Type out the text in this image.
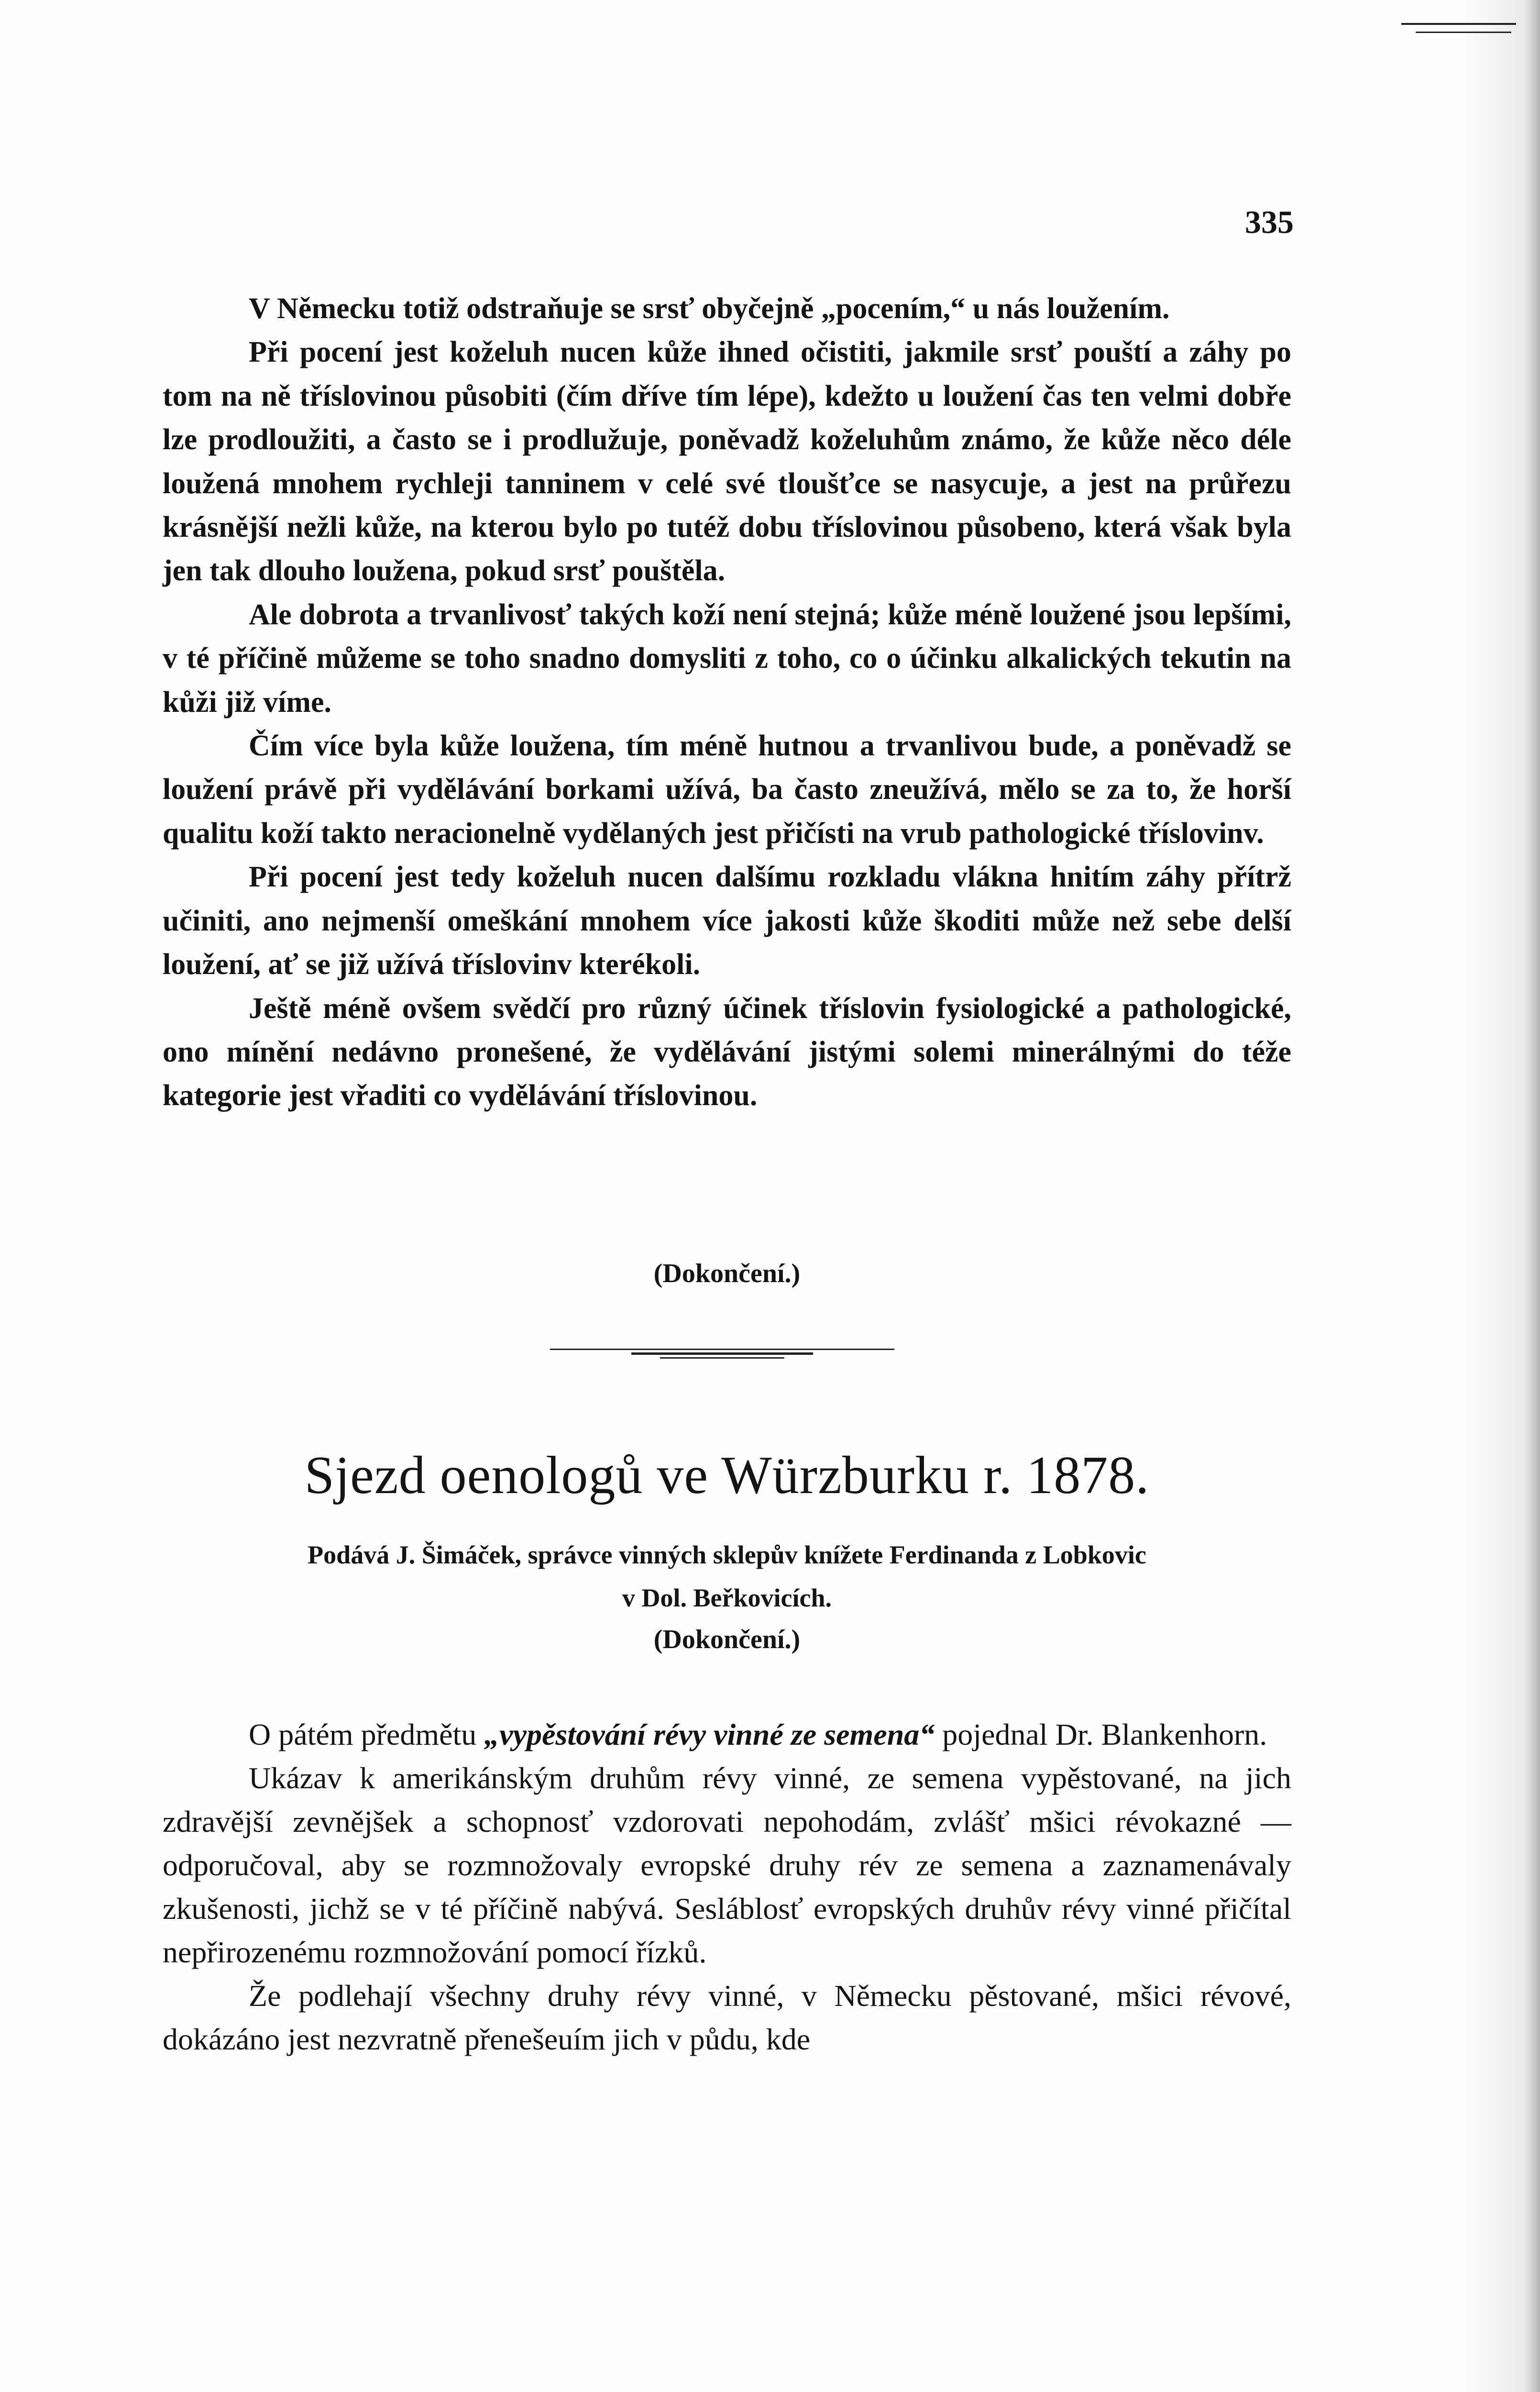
335

V Německu totiž odstraňuje se srsť obyčejně „pocením,“ u nás loužením.

Při pocení jest koželuh nucen kůže ihned očistiti, jakmile srsť pouští a záhy po tom na ně tříslovinou působiti (čím dříve tím lépe), kdežto u loužení čas ten velmi dobře lze prodloužiti, a často se i prodlužuje, poněvadž koželuhům známo, že kůže něco déle loužená mnohem rychleji tanninem v celé své tloušťce se nasycuje, a jest na průřezu krásnější nežli kůže, na kterou bylo po tutéž dobu tříslovinou působeno, která však byla jen tak dlouho loužena, pokud srsť pouštěla.

Ale dobrota a trvanlivosť takých koží není stejná; kůže méně loužené jsou lepšími, v té příčině můžeme se toho snadno domysliti z toho, co o účinku alkalických tekutin na kůži již víme.

Čím více byla kůže loužena, tím méně hutnou a trvanlivou bude, a poněvadž se loužení právě při vydělávání borkami užívá, ba často zneužívá, mělo se za to, že horší qualitu koží takto neracionelně vydělaných jest přičísti na vrub pathologické tříslovinv.

Při pocení jest tedy koželuh nucen dalšímu rozkladu vlákna hnitím záhy přítrž učiniti, ano nejmenší omeškání mnohem více jakosti kůže škoditi může než sebe delší loužení, ať se již užívá tříslovinv kterékoli.

Ještě méně ovšem svědčí pro různý účinek tříslovin fysiologické a pathologické, ono mínění nedávno pronešené, že vydělávání jistými solemi minerálnými do téže kategorie jest vřaditi co vydělávání tříslovinou.

(Dokončení.)
Sjezd oenologů ve Würzburku r. 1878.
Podává J. Šimáček, správce vinných sklepův knížete Ferdinanda z Lobkovic
v Dol. Beřkovicích.
(Dokončení.)

O pátém předmětu „vypěstování révy vinné ze semena“ pojednal Dr. Blankenhorn.

Ukázav k amerikánským druhům révy vinné, ze semena vypěstované, na jich zdravější zevnějšek a schopnosť vzdorovati nepohodám, zvlášť mšici révokazné — odporučoval, aby se rozmnožovaly evropské druhy rév ze semena a zaznamenávaly zkušenosti, jichž se v té příčině nabývá. Sesláblosť evropských druhův révy vinné přičítal nepřirozenému rozmnožování pomocí řízků.

Že podlehají všechny druhy révy vinné, v Německu pěstované, mšici révové, dokázáno jest nezvratně přenešeuím jich v půdu, kde
